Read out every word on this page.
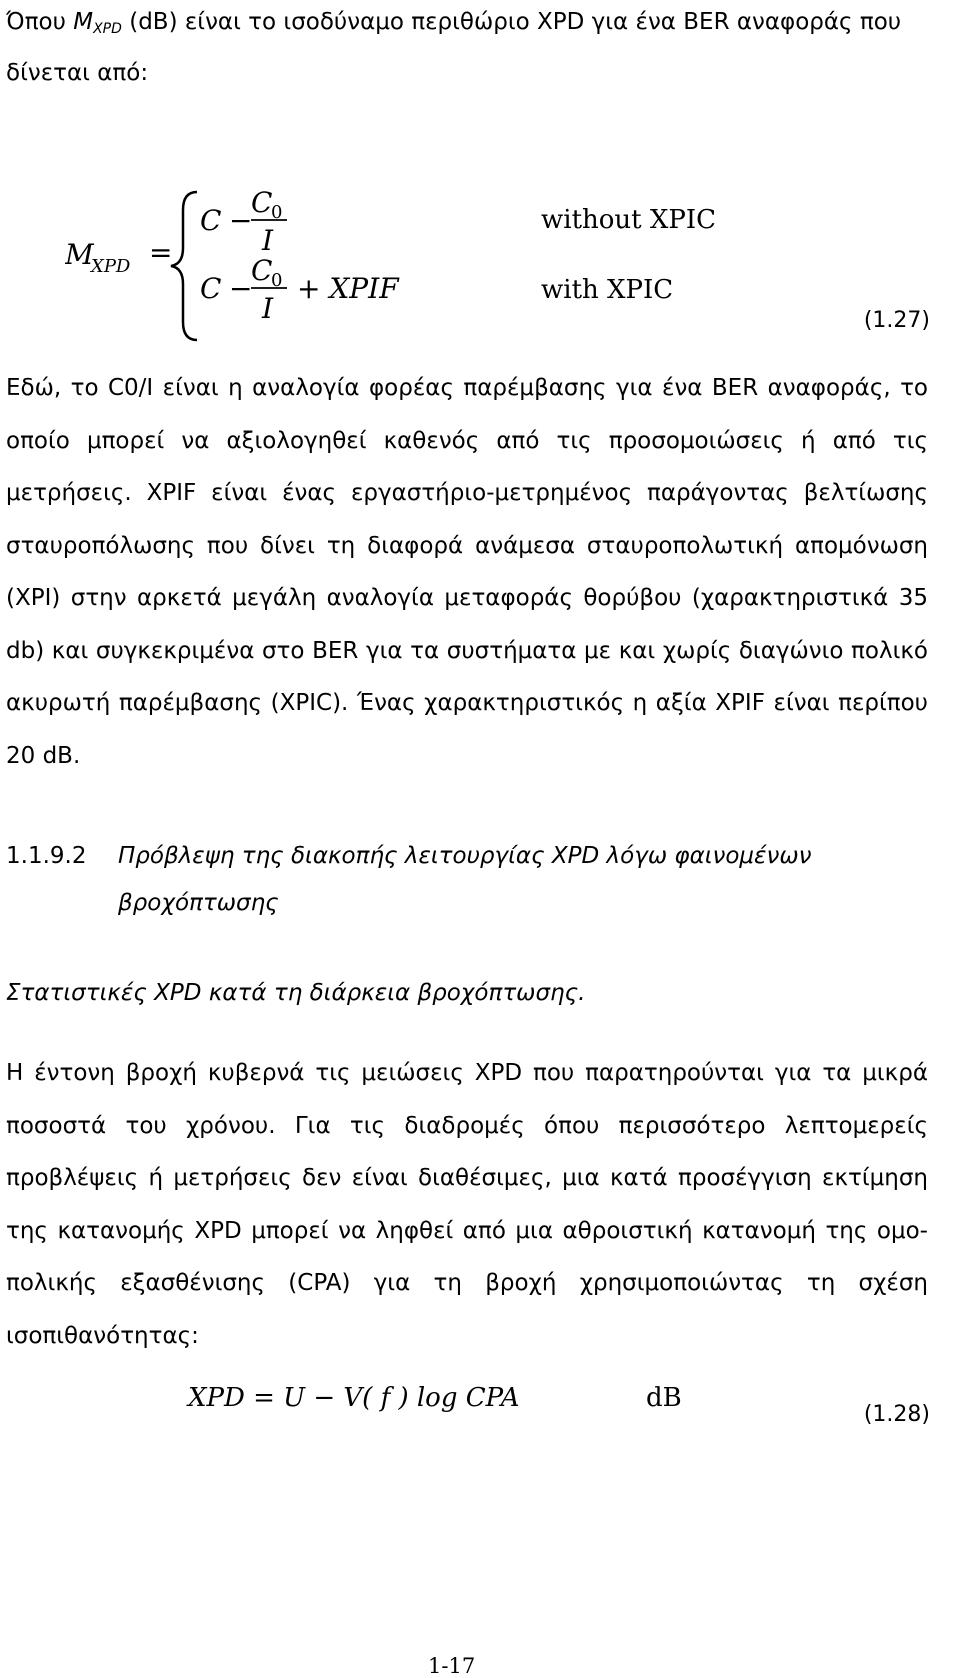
Όπου $M_{XPD}$ (dB) είναι το ισοδύναμο περιθώριο XPD για ένα BER αναφοράς που δίνεται από:
M
XPD =
C −
C
0
I
C −
C
0
I
+ XPIF
without XPIC
with XPIC
(1.27)
Εδώ, το C0/I είναι η αναλογία φορέας παρέμβασης για ένα BER αναφοράς, το οποίο μπορεί να αξιολογηθεί καθενός από τις προσομοιώσεις ή από τις μετρήσεις. XPIF είναι ένας εργαστήριο-μετρημένος παράγοντας βελτίωσης σταυροπόλωσης που δίνει τη διαφορά ανάμεσα σταυροπολωτική απομόνωση (XPI) στην αρκετά μεγάλη αναλογία μεταφοράς θορύβου (χαρακτηριστικά 35 db) και συγκεκριμένα στο BER για τα συστήματα με και χωρίς διαγώνιο πολικό ακυρωτή παρέμβασης (XPIC). Ένας χαρακτηριστικός η αξία XPIF είναι περίπου 20 dB.
1.1.9.2 Πρόβλεψη της διακοπής λειτουργίας XPD λόγω φαινομένων
βροχόπτωσης
Στατιστικές XPD κατά τη διάρκεια βροχόπτωσης.
Η έντονη βροχή κυβερνά τις μειώσεις XPD που παρατηρούνται για τα μικρά ποσοστά του χρόνου. Για τις διαδρομές όπου περισσότερο λεπτομερείς προβλέψεις ή μετρήσεις δεν είναι διαθέσιμες, μια κατά προσέγγιση εκτίμηση της κατανομής XPD μπορεί να ληφθεί από μια αθροιστική κατανομή της ομο-πολικής εξασθένισης (CPA) για τη βροχή χρησιμοποιώντας τη σχέση ισοπιθανότητας:
XPD = U − V( f ) log CPA	dB
(1.28)
1-17
